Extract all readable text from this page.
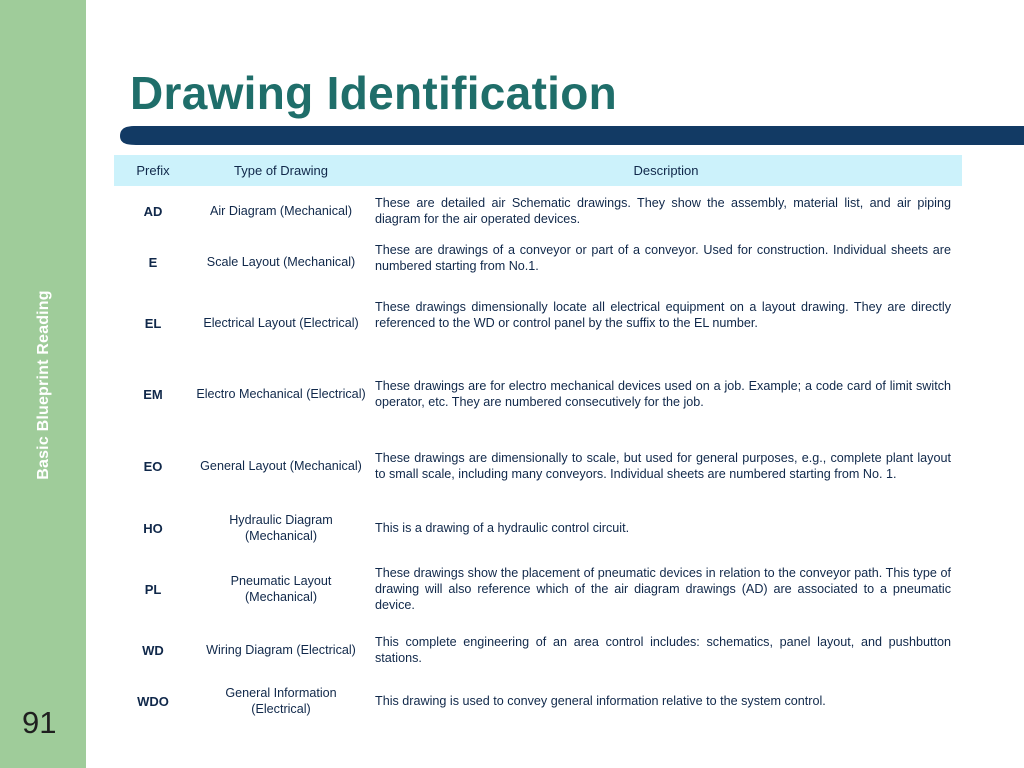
Basic Blueprint Reading
91
Drawing Identification
Prefix	Type of Drawing	Description
AD	Air Diagram (Mechanical)	These are detailed air Schematic drawings. They show the assembly, material list, and air piping diagram for the air operated devices.
E	Scale Layout (Mechanical)	These are drawings of a conveyor or part of a conveyor. Used for construction. Individual sheets are numbered starting from No.1.

EL	Electrical Layout (Electrical)	These drawings dimensionally locate all electrical equipment on a layout drawing. They are directly referenced to the WD or control panel by the suffix to the EL number.

EM	Electro Mechanical (Electrical)	These drawings are for electro mechanical devices used on a job. Example; a code card of limit switch operator, etc. They are numbered consecutively for the job.
EO	General Layout (Mechanical)	These drawings are dimensionally to scale, but used for general purposes, e.g., complete plant layout to small scale, including many conveyors. Individual sheets are numbered starting from No. 1.
HO	Hydraulic Diagram (Mechanical)	This is a drawing of a hydraulic control circuit.
PL	Pneumatic Layout (Mechanical)	These drawings show the placement of pneumatic devices in relation to the conveyor path. This type of drawing will also reference which of the air diagram drawings (AD) are associated to a pneumatic device.
WD	Wiring Diagram (Electrical)	This complete engineering of an area control includes: schematics, panel layout, and pushbutton stations.
WDO	General Information (Electrical)	This drawing is used to convey general information relative to the system control.
